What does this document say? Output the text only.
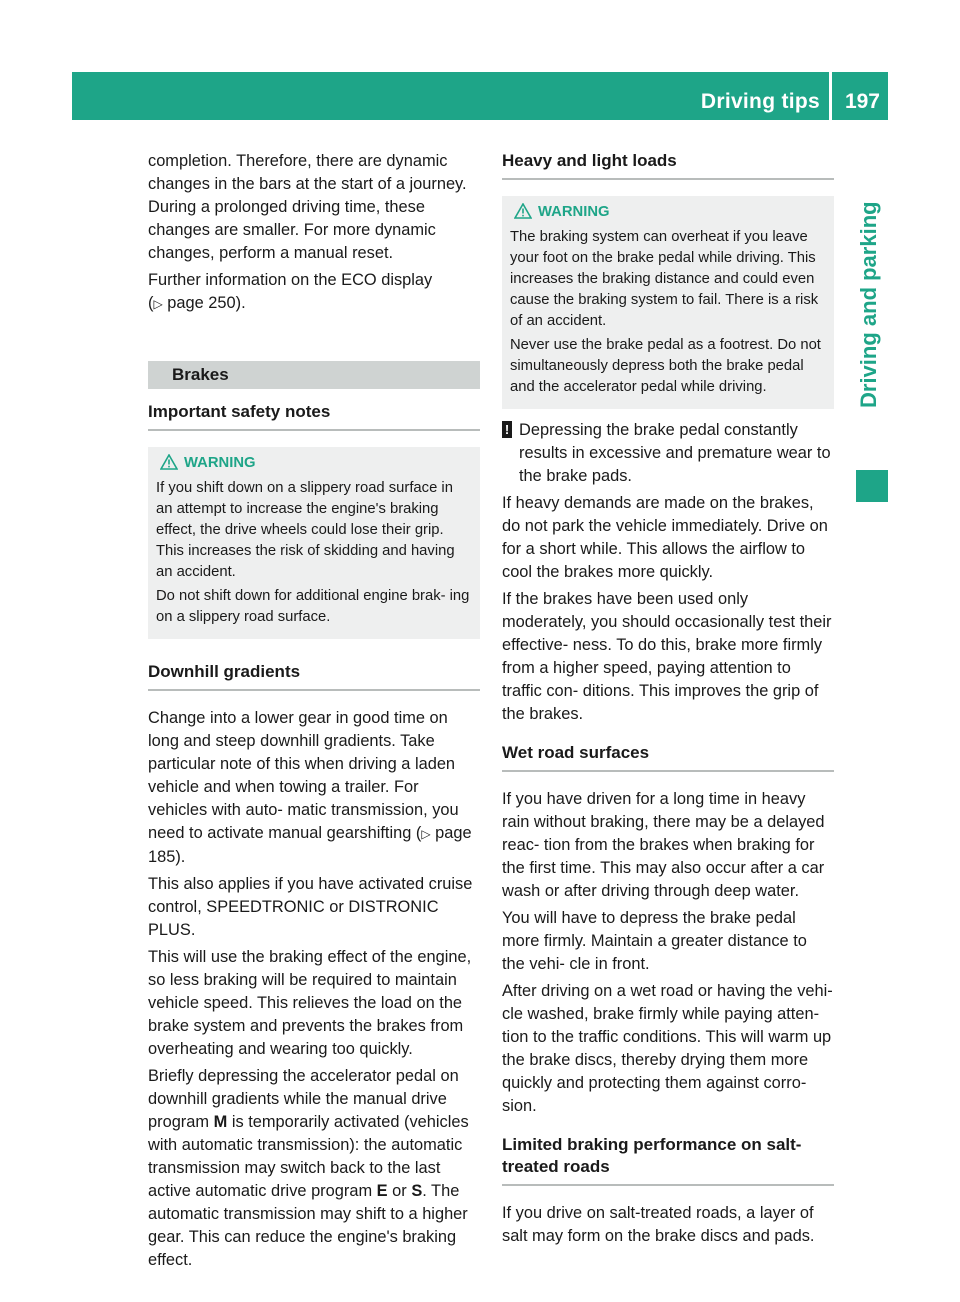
Driving tips 197
Driving and parking

completion. Therefore, there are dynamic changes in the bars at the start of a journey. During a prolonged driving time, these changes are smaller. For more dynamic changes, perform a manual reset.

Further information on the ECO display
(▷ page 250).

Brakes
Important safety notes
WARNING

If you shift down on a slippery road surface in an attempt to increase the engine's braking effect, the drive wheels could lose their grip. This increases the risk of skidding and having an accident.

Do not shift down for additional engine brak- ing on a slippery road surface.

Downhill gradients

Change into a lower gear in good time on long and steep downhill gradients. Take particular note of this when driving a laden vehicle and when towing a trailer. For vehicles with auto- matic transmission, you need to activate manual gearshifting (▷ page 185).

This also applies if you have activated cruise control, SPEEDTRONIC or DISTRONIC PLUS.

This will use the braking effect of the engine, so less braking will be required to maintain vehicle speed. This relieves the load on the brake system and prevents the brakes from overheating and wearing too quickly.

Briefly depressing the accelerator pedal on downhill gradients while the manual drive program M is temporarily activated (vehicles with automatic transmission): the automatic transmission may switch back to the last active automatic drive program E or S. The automatic transmission may shift to a higher gear. This can reduce the engine's braking effect.

Heavy and light loads
WARNING

The braking system can overheat if you leave your foot on the brake pedal while driving. This increases the braking distance and could even cause the braking system to fail. There is a risk of an accident.

Never use the brake pedal as a footrest. Do not simultaneously depress both the brake pedal and the accelerator pedal while driving.

! Depressing the brake pedal constantly results in excessive and premature wear to the brake pads.

If heavy demands are made on the brakes, do not park the vehicle immediately. Drive on for a short while. This allows the airflow to cool the brakes more quickly.

If the brakes have been used only moderately, you should occasionally test their effective- ness. To do this, brake more firmly from a higher speed, paying attention to traffic con- ditions. This improves the grip of the brakes.

Wet road surfaces

If you have driven for a long time in heavy rain without braking, there may be a delayed reac- tion from the brakes when braking for the first time. This may also occur after a car wash or after driving through deep water.

You will have to depress the brake pedal more firmly. Maintain a greater distance to the vehi- cle in front.

After driving on a wet road or having the vehi- cle washed, brake firmly while paying atten- tion to the traffic conditions. This will warm up the brake discs, thereby drying them more quickly and protecting them against corro- sion.

Limited braking performance on salt-treated roads

If you drive on salt-treated roads, a layer of salt may form on the brake discs and pads.
